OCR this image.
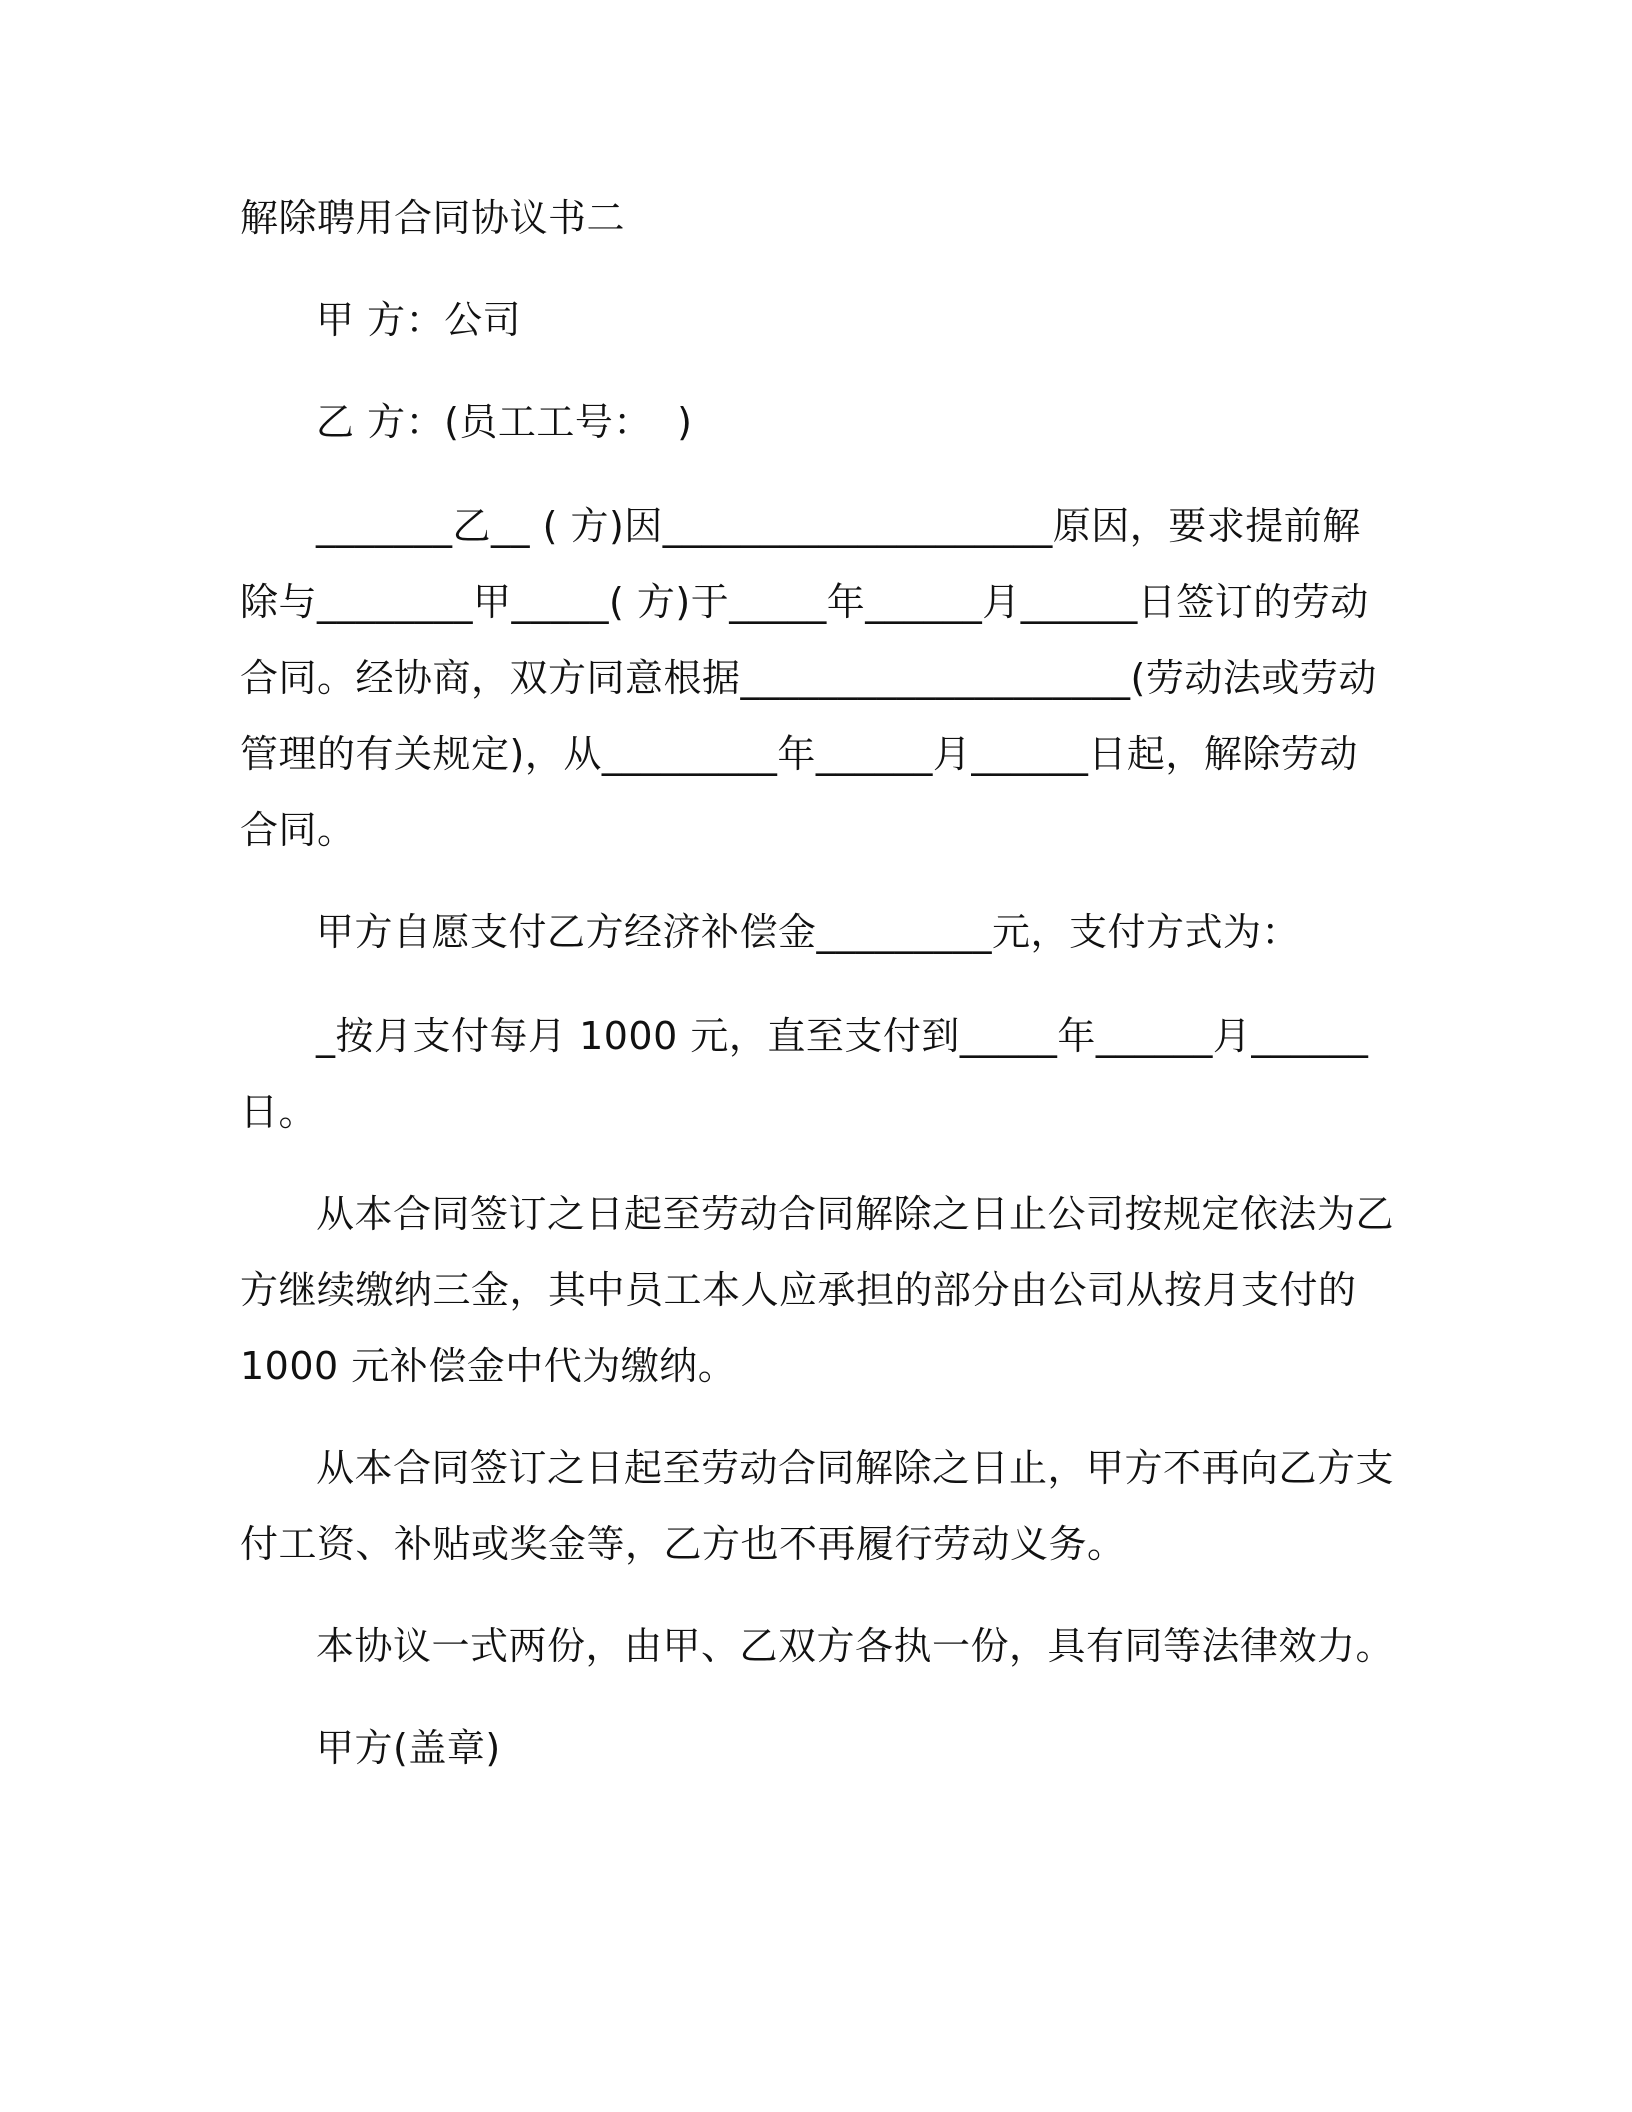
解除聘用合同协议书二
甲 方：公司
乙 方：(员工工号：  )
_______乙__ ( 方)因____________________原因，要求提前解
除与________甲_____( 方)于_____年______月______日签订的劳动
合同。经协商，双方同意根据____________________(劳动法或劳动
管理的有关规定)，从_________年______月______日起，解除劳动
合同。
甲方自愿支付乙方经济补偿金_________元，支付方式为：
_按月支付每月 1000 元，直至支付到_____年______月______
日。
从本合同签订之日起至劳动合同解除之日止公司按规定依法为乙
方继续缴纳三金，其中员工本人应承担的部分由公司从按月支付的
1000 元补偿金中代为缴纳。
从本合同签订之日起至劳动合同解除之日止，甲方不再向乙方支
付工资、补贴或奖金等，乙方也不再履行劳动义务。
本协议一式两份，由甲、乙双方各执一份，具有同等法律效力。
甲方(盖章)
